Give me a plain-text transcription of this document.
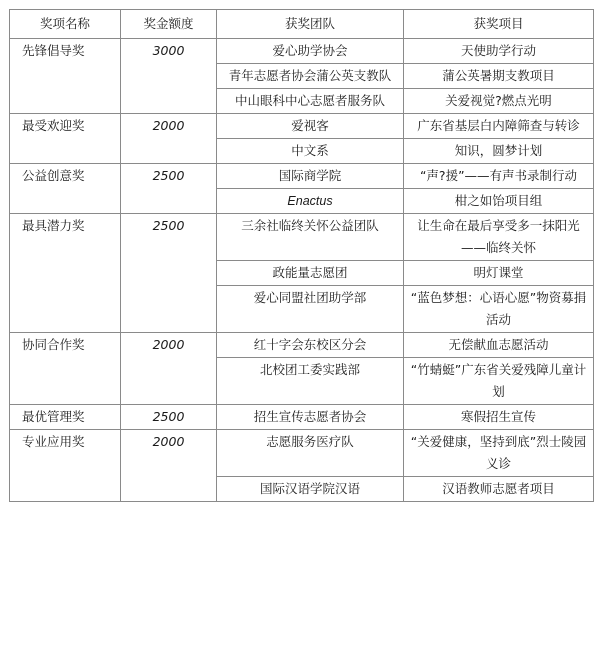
奖项名称	奖金额度	获奖团队	获奖项目
先锋倡导奖	3000	爱心助学协会	天使助学行动
		青年志愿者协会蒲公英支教队	蒲公英暑期支教项目
		中山眼科中心志愿者服务队	关爱视觉?燃点光明
最受欢迎奖	2000	爱视客	广东省基层白内障筛查与转诊
		中文系	知识，圆梦计划
公益创意奖	2500	国际商学院	“声?援”——有声书录制行动
		Enactus	柑之如饴项目组
最具潜力奖	2500	三余社临终关怀公益团队	让生命在最后享受多一抹阳光——临终关怀
		政能量志愿团	明灯课堂
		爱心同盟社团助学部	“蓝色梦想：心语心愿”物资募捐活动
协同合作奖	2000	红十字会东校区分会	无偿献血志愿活动
		北校团工委实践部	“竹蜻蜓”广东省关爱残障儿童计划
最优管理奖	2500	招生宣传志愿者协会	寒假招生宣传
专业应用奖	2000	志愿服务医疗队	“关爱健康，坚持到底”烈士陵园义诊
		国际汉语学院汉语	汉语教师志愿者项目
